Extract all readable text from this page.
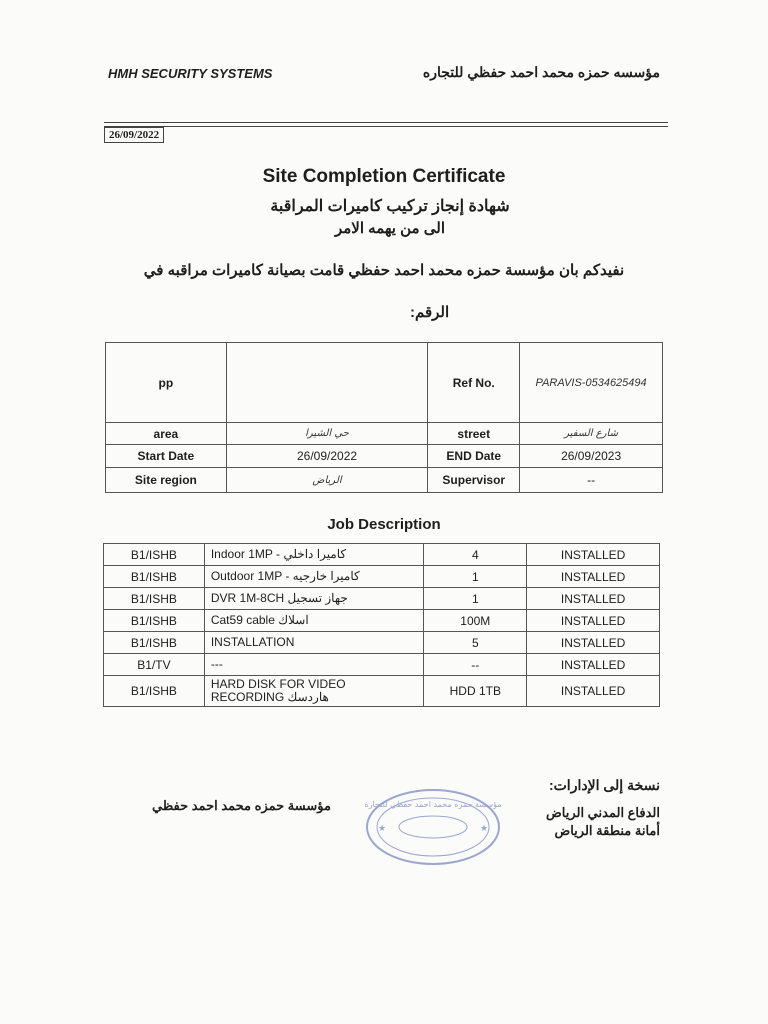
HMH SECURITY SYSTEMS	مؤسسه حمزه محمد احمد حفظي للتجاره
26/09/2022
Site Completion Certificate
شهادة إنجاز تركيب كاميرات المراقبة
الى من يهمه الامر
نفيدكم بان مؤسسة حمزه محمد احمد حفظي قامت بصيانة كاميرات مراقبه في
الرقم:
pp		Ref No.	PARAVIS-0534625494
area	حي الشيرا	street	شارع السفير
Start Date	26/09/2022	END Date	26/09/2023
Site region	الرياض	Supervisor	--
Job Description
B1/ISHB	Indoor 1MP - كاميرا داخلي	4	INSTALLED
B1/ISHB	Outdoor 1MP - كاميرا خارجيه	1	INSTALLED
B1/ISHB	DVR 1M-8CH جهاز تسجيل	1	INSTALLED
B1/ISHB	Cat59 cable اسلاك	100M	INSTALLED
B1/ISHB	INSTALLATION	5	INSTALLED
B1/TV	---	--	INSTALLED
B1/ISHB	HARD DISK FOR VIDEO RECORDING هاردسك	HDD 1TB	INSTALLED
مؤسسة حمزه محمد احمد حفظي للتجارة
★	★
مؤسسة حمزه محمد احمد حفظي
نسخة إلى الإدارات:
الدفاع المدني الرياض
أمانة منطقة الرياض
